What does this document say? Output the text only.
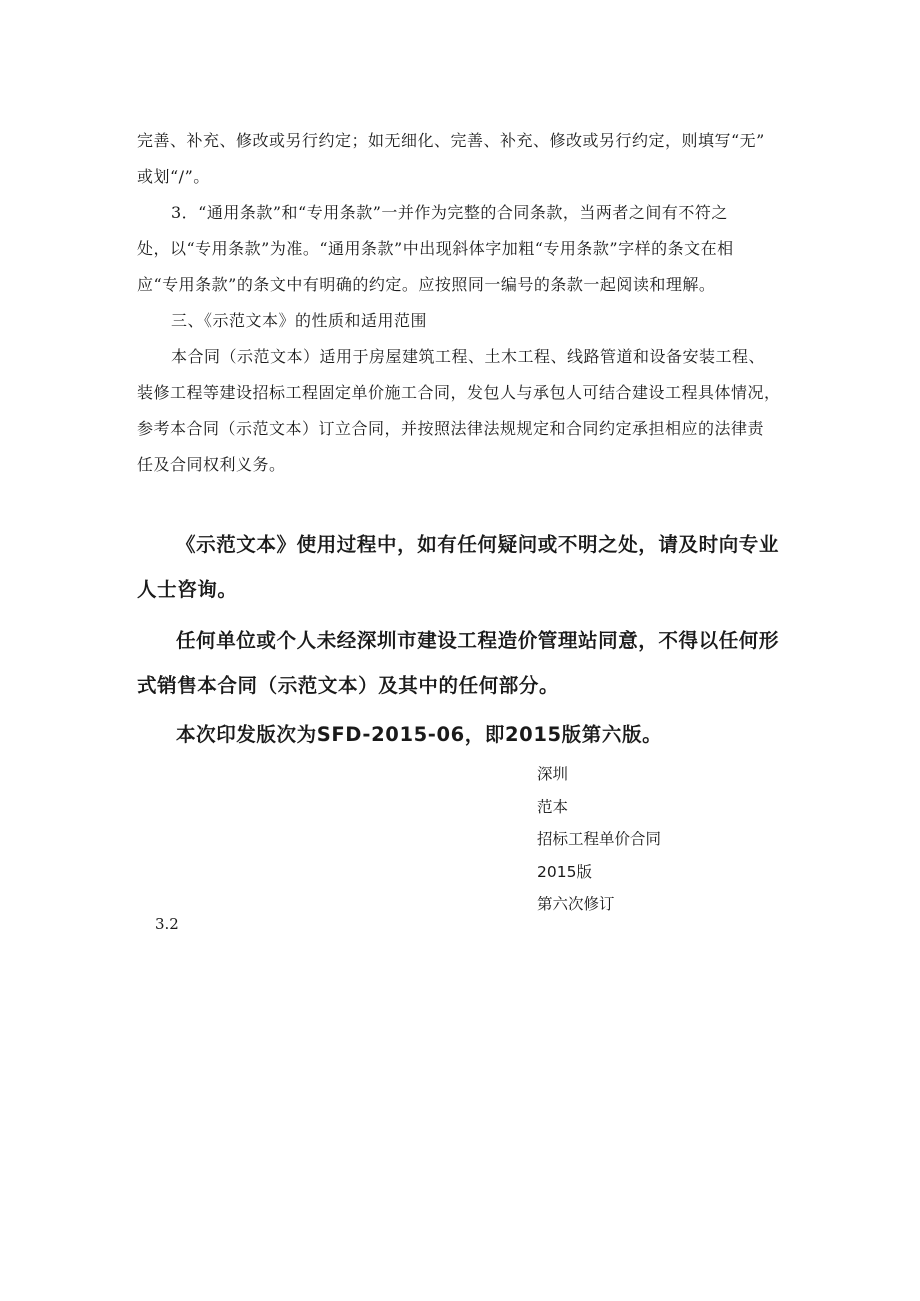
完善、补充、修改或另行约定；如无细化、完善、补充、修改或另行约定，则填写“无”
或划“/”。
3．“通用条款”和“专用条款”一并作为完整的合同条款，当两者之间有不符之
处，以“专用条款”为准。“通用条款”中出现斜体字加粗“专用条款”字样的条文在相
应“专用条款”的条文中有明确的约定。应按照同一编号的条款一起阅读和理解。
三、《示范文本》的性质和适用范围
本合同（示范文本）适用于房屋建筑工程、土木工程、线路管道和设备安装工程、
装修工程等建设招标工程固定单价施工合同，发包人与承包人可结合建设工程具体情况，
参考本合同（示范文本）订立合同，并按照法律法规规定和合同约定承担相应的法律责
任及合同权利义务。
《示范文本》使用过程中，如有任何疑问或不明之处，请及时向专业
人士咨询。
任何单位或个人未经深圳市建设工程造价管理站同意，不得以任何形
式销售本合同（示范文本）及其中的任何部分。
本次印发版次为SFD-2015-06，即2015版第六版。
深圳
范本
招标工程单价合同
2015版
第六次修订
3.2
